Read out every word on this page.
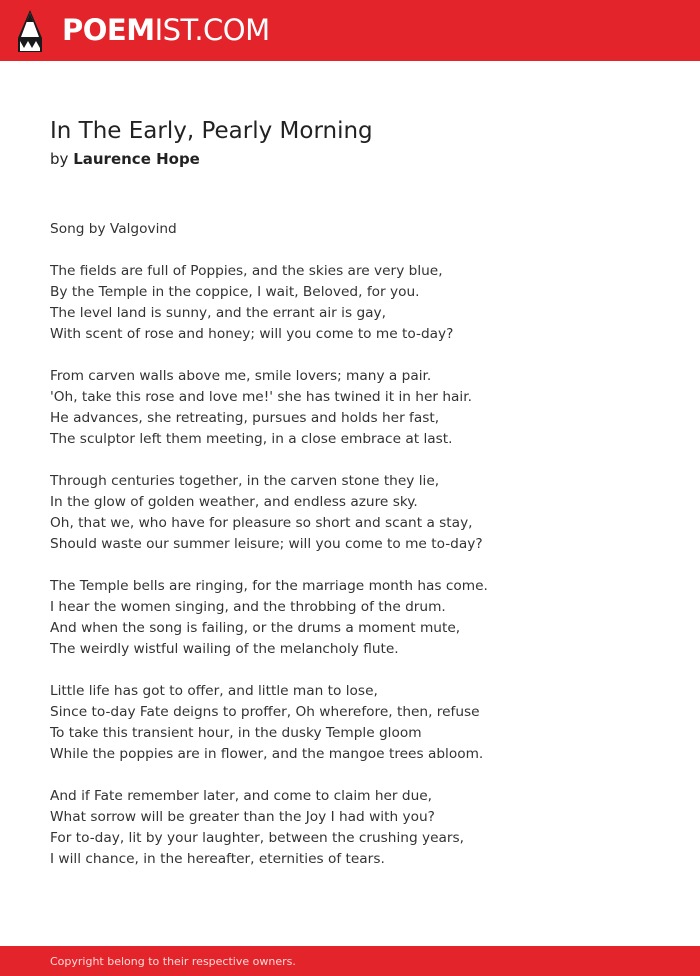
POEMIST.COM
In The Early, Pearly Morning
by Laurence Hope
Song by Valgovind
The fields are full of Poppies, and the skies are very blue,
By the Temple in the coppice, I wait, Beloved, for you.
The level land is sunny, and the errant air is gay,
With scent of rose and honey; will you come to me to-day?
From carven walls above me, smile lovers; many a pair.
'Oh, take this rose and love me!' she has twined it in her hair.
He advances, she retreating, pursues and holds her fast,
The sculptor left them meeting, in a close embrace at last.
Through centuries together, in the carven stone they lie,
In the glow of golden weather, and endless azure sky.
Oh, that we, who have for pleasure so short and scant a stay,
Should waste our summer leisure; will you come to me to-day?
The Temple bells are ringing, for the marriage month has come.
I hear the women singing, and the throbbing of the drum.
And when the song is failing, or the drums a moment mute,
The weirdly wistful wailing of the melancholy flute.
Little life has got to offer, and little man to lose,
Since to-day Fate deigns to proffer, Oh wherefore, then, refuse
To take this transient hour, in the dusky Temple gloom
While the poppies are in flower, and the mangoe trees abloom.
And if Fate remember later, and come to claim her due,
What sorrow will be greater than the Joy I had with you?
For to-day, lit by your laughter, between the crushing years,
I will chance, in the hereafter, eternities of tears.
Copyright belong to their respective owners.
